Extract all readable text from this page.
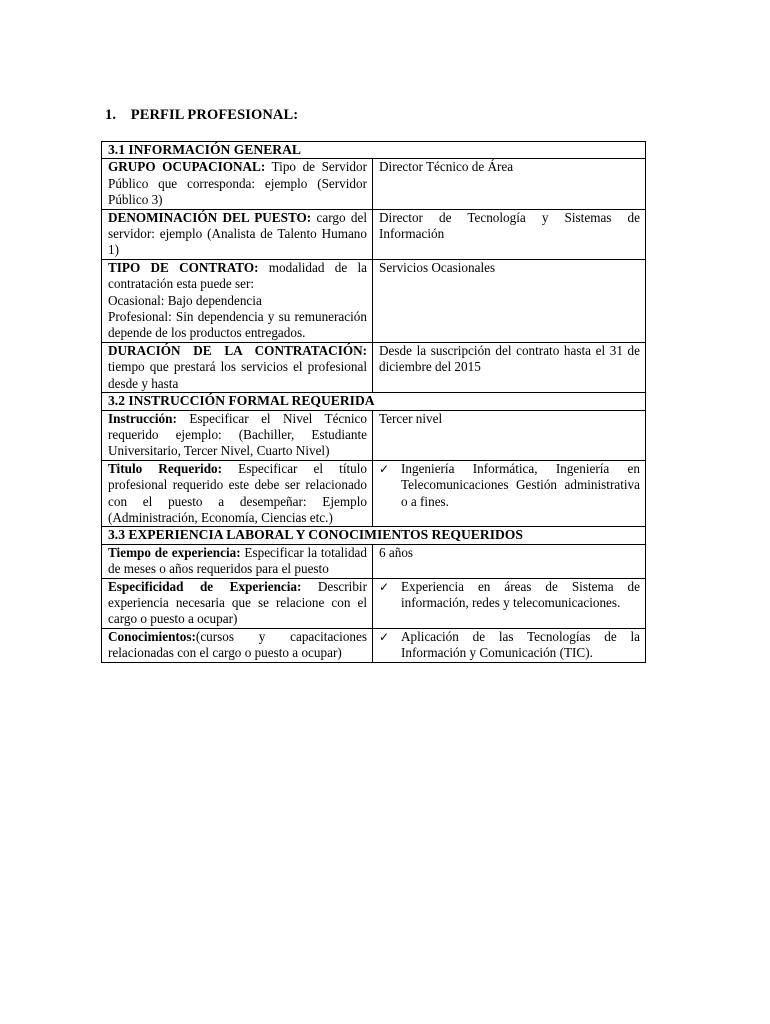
1. PERFIL PROFESIONAL:
3.1 INFORMACIÓN GENERAL	
GRUPO OCUPACIONAL: Tipo de Servidor Público que corresponda: ejemplo (Servidor Público 3)	Director Técnico de Área
DENOMINACIÓN DEL PUESTO: cargo del servidor: ejemplo (Analista de Talento Humano 1)	Director de Tecnología y Sistemas de Información

TIPO DE CONTRATO: modalidad de la contratación esta puede ser:
Ocasional: Bajo dependencia
Profesional: Sin dependencia y su remuneración depende de los productos entregados.	Servicios Ocasionales
DURACIÓN DE LA CONTRATACIÓN: tiempo que prestará los servicios el profesional desde y hasta	Desde la suscripción del contrato hasta el 31 de diciembre del 2015
3.2 INSTRUCCIÓN FORMAL REQUERIDA	
Instrucción: Especificar el Nivel Técnico requerido ejemplo: (Bachiller, Estudiante Universitario, Tercer Nivel, Cuarto Nivel)	Tercer nivel
Titulo Requerido: Especificar el título profesional requerido este debe ser relacionado con el puesto a desempeñar: Ejemplo (Administración, Economía, Ciencias etc.)	✓ Ingeniería Informática, Ingeniería en Telecomunicaciones Gestión administrativa o a fines.

3.3 EXPERIENCIA LABORAL Y CONOCIMIENTOS REQUERIDOS	
Tiempo de experiencia: Especificar la totalidad de meses o años requeridos para el puesto	6 años
Especificidad de Experiencia: Describir experiencia necesaria que se relacione con el cargo o puesto a ocupar)	✓ Experiencia en áreas de Sistema de información, redes y telecomunicaciones.

Conocimientos:(cursos y capacitaciones relacionadas con el cargo o puesto a ocupar)	✓ Aplicación de las Tecnologías de la Información y Comunicación (TIC).
